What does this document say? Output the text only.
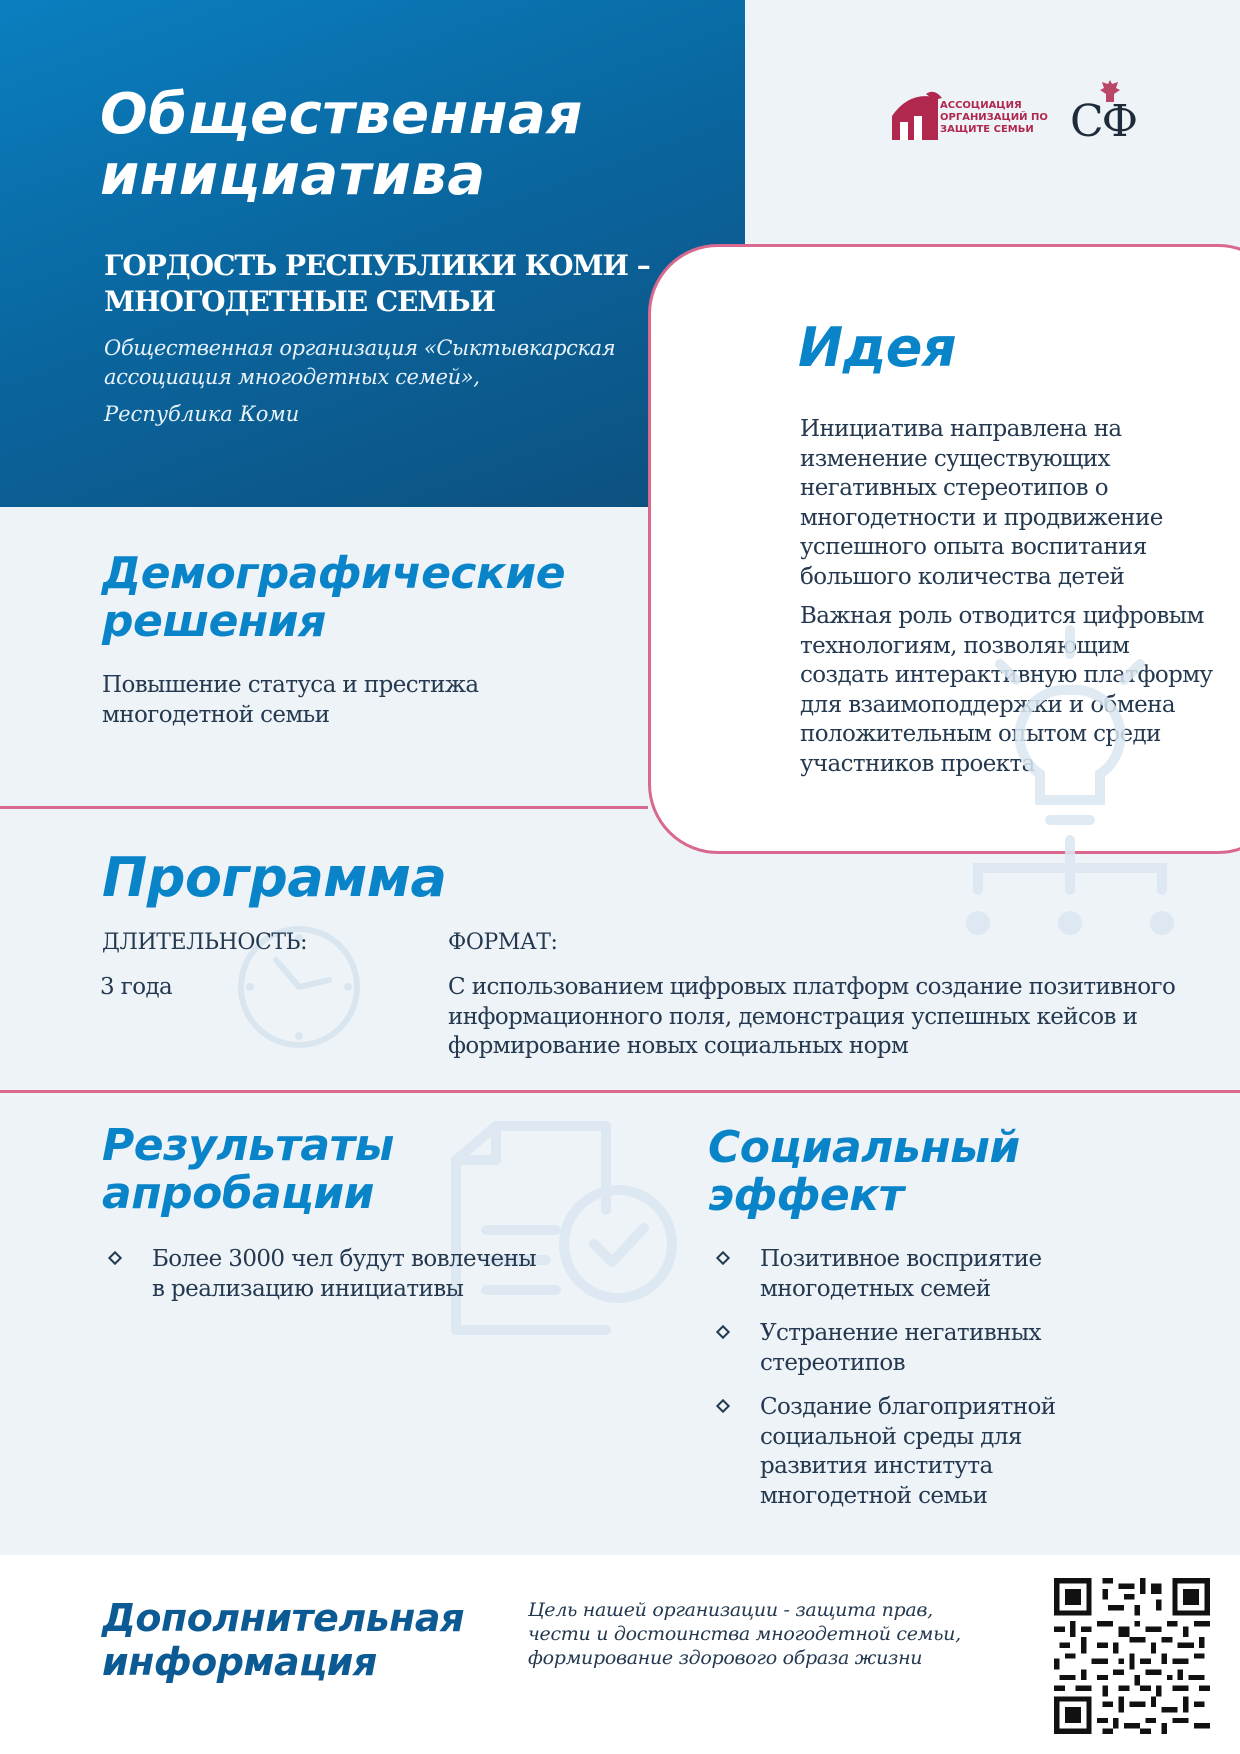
Общественная инициатива
ГОРДОСТЬ РЕСПУБЛИКИ КОМИ – МНОГОДЕТНЫЕ СЕМЬИ
Общественная организация «Сыктывкарская ассоциация многодетных семей»,
Республика Коми
АССОЦИАЦИЯ ОРГАНИЗАЦИЙ ПО ЗАЩИТЕ СЕМЬИ СФ
Идея
Инициатива направлена на изменение существующих негативных стереотипов о многодетности и продвижение успешного опыта воспитания большого количества детей
Важная роль отводится цифровым технологиям, позволяющим создать интерактивную платформу для взаимоподдержки и обмена положительным опытом среди участников проекта
Демографические решения
Повышение статуса и престижа многодетной семьи
Программа
ДЛИТЕЛЬНОСТЬ:
3 года
ФОРМАТ:
С использованием цифровых платформ создание позитивного информационного поля, демонстрация успешных кейсов и формирование новых социальных норм
Результаты апробации
Более 3000 чел будут вовлечены в реализацию инициативы
Социальный эффект
Позитивное восприятие многодетных семей
Устранение негативных стереотипов
Создание благоприятной социальной среды для развития института многодетной семьи
Дополнительная информация
Цель нашей организации - защита прав, чести и достоинства многодетной семьи, формирование здорового образа жизни
